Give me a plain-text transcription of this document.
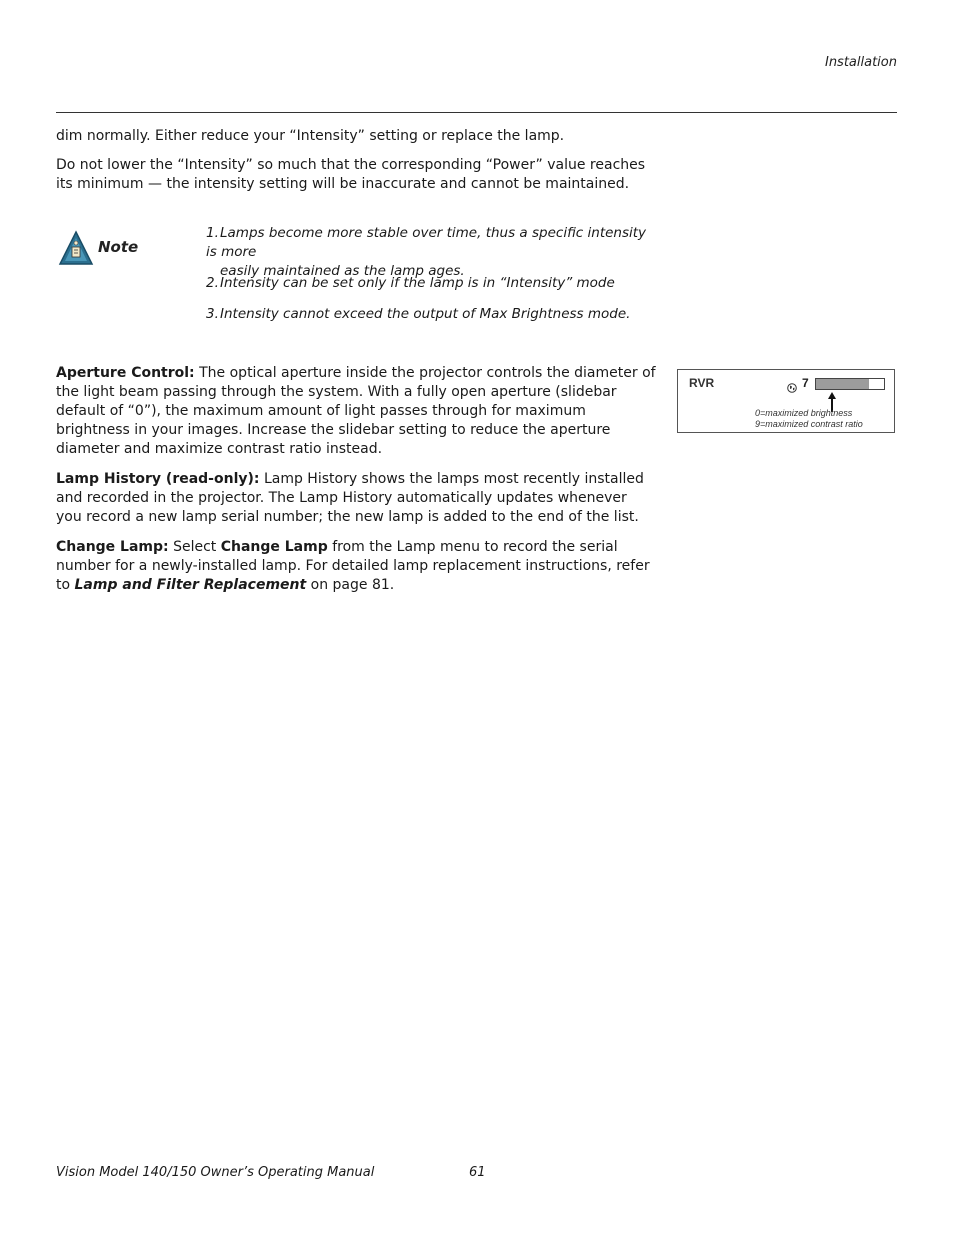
Installation

dim normally. Either reduce your “Intensity” setting or replace the lamp.

Do not lower the “Intensity” so much that the corresponding “Power” value reaches its minimum — the intensity setting will be inaccurate and cannot be maintained.

Note
1.Lamps become more stable over time, thus a specific intensity is more
easily maintained as the lamp ages.
2.Intensity can be set only if the lamp is in “Intensity” mode
3.Intensity cannot exceed the output of Max Brightness mode.

Aperture Control: The optical aperture inside the projector controls the diameter of the light beam passing through the system. With a fully open aperture (slidebar default of “0”), the maximum amount of light passes through for maximum brightness in your images. Increase the slidebar setting to reduce the aperture diameter and maximize contrast ratio instead.

Lamp History (read-only): Lamp History shows the lamps most recently installed and recorded in the projector. The Lamp History automatically updates whenever you record a new lamp serial number; the new lamp is added to the end of the list.

Change Lamp: Select Change Lamp from the Lamp menu to record the serial number for a newly-installed lamp. For detailed lamp replacement instructions, refer to Lamp and Filter Replacement on page 81.

RVR	7
0=maximized brightness
9=maximized contrast ratio
Vision Model 140/150 Owner’s Operating Manual	61
